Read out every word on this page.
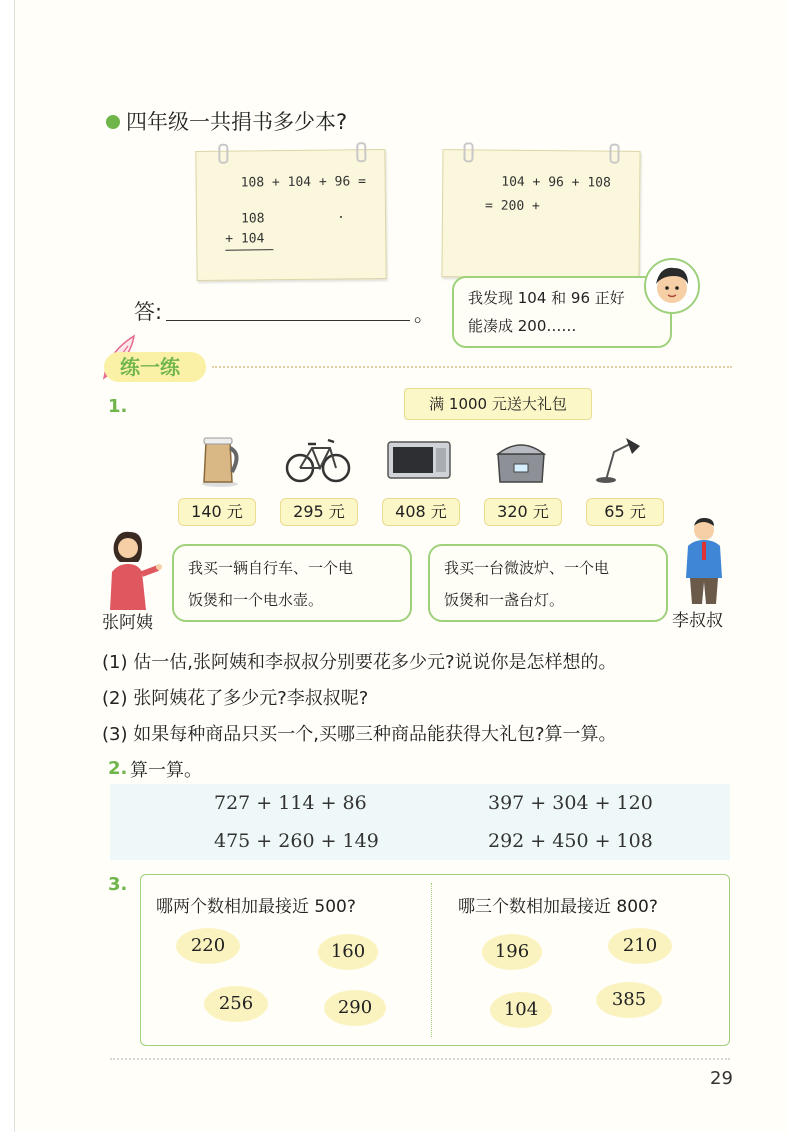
四年级一共捐书多少本?
108 + 104 + 96 =
108
+ 104
·
104 + 96 + 108
= 200 +
答:	。
我发现 104 和 96 正好
能凑成 200……
练一练
1.	满 1000 元送大礼包
140 元	295 元	408 元	320 元	65 元
张阿姨
我买一辆自行车、一个电
饭煲和一个电水壶。
我买一台微波炉、一个电
饭煲和一盏台灯。
李叔叔
(1) 估一估,张阿姨和李叔叔分别要花多少元?说说你是怎样想的。
(2) 张阿姨花了多少元?李叔叔呢?
(3) 如果每种商品只买一个,买哪三种商品能获得大礼包?算一算。
2. 算一算。
727 + 114 + 86	397 + 304 + 120
475 + 260 + 149	292 + 450 + 108
3.
哪两个数相加最接近 500?	哪三个数相加最接近 800?
220	160
256	290
196	210
104	385
29
